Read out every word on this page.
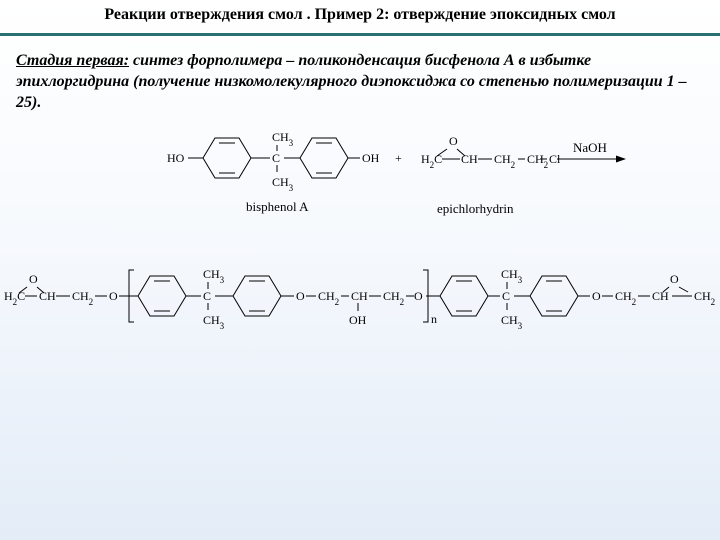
Реакции отверждения смол . Пример 2: отверждение эпоксидных смол
Стадия первая: синтез форполимера – поликонденсация бисфенола А в избытке эпихлоргидрина (получение низкомолекулярного диэпоксиджа со степенью полимеризации 1 – 25).
HO	C
$CH_3$
$CH_3$
OH
bisphenol A
+
O
$H_2C$ CH $CH_2$ $CH_2$ Cl
epichlorhydrin
NaOH
O
$H_2C$ CH $CH_2$ O	C
$CH_3$
$CH_3$
O $CH_2$ CH
OH
$CH_2$ O
n
C
$CH_3$
$CH_3$
O $CH_2$ CH $CH_2$
O
